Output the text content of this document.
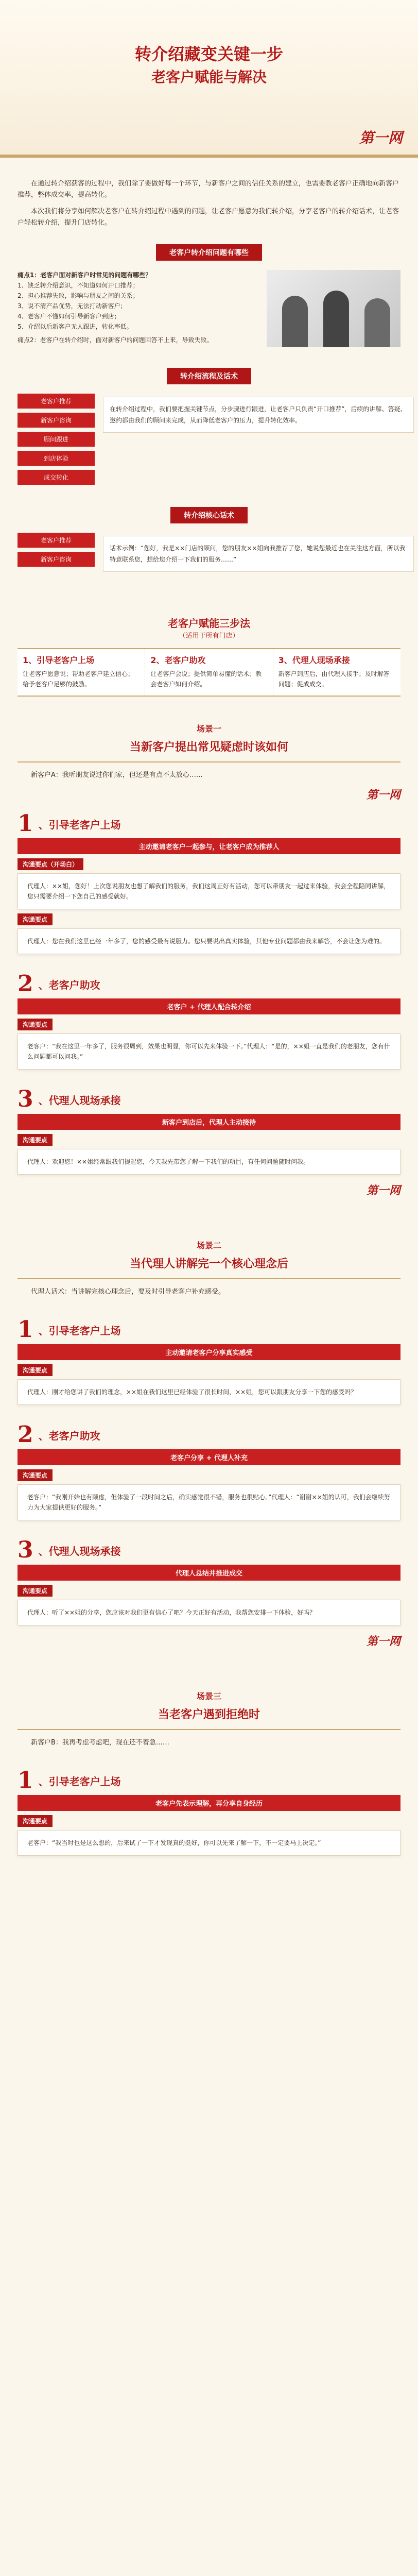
转介绍藏变关键一步
老客户赋能与解决
第一网

在通过转介绍获客的过程中，我们除了要做好每一个环节，与新客户之间的信任关系的建立，也需要教老客户正确地向新客户推荐，整体成交率，提高转化。

本次我们将分享如何解决老客户在转介绍过程中遇到的问题，让老客户愿意为我们转介绍，分享老客户的转介绍话术，让老客户轻松转介绍，提升门店转化。

老客户转介绍问题有哪些
痛点1：老客户面对新客户时常见的问题有哪些？
1、缺乏转介绍意识，不知道如何开口推荐；
2、担心推荐失败，影响与朋友之间的关系；
3、说不清产品优势，无法打动新客户；
4、老客户不懂如何引导新客户到店；
5、介绍以后新客户无人跟进，转化率低。
痛点2：老客户在转介绍时，面对新客户的问题回答不上来，导致失败。
转介绍流程及话术
老客户推荐
新客户咨询
顾问跟进
到店体验
成交转化
在转介绍过程中，我们要把握关键节点，分步骤进行跟进，让老客户只负责“开口推荐”，后续的讲解、答疑、邀约都由我们的顾问来完成，从而降低老客户的压力，提升转化效率。
转介绍核心话术
老客户推荐
新客户咨询
话术示例：“您好，我是××门店的顾问，您的朋友××姐向我推荐了您，她说您最近也在关注这方面，所以我特意联系您，想给您介绍一下我们的服务……”
老客户赋能三步法
（适用于所有门店）
1、引导老客户上场
让老客户愿意说；帮助老客户建立信心；给予老客户足够的鼓励。
2、老客户助攻
让老客户会说；提供简单易懂的话术；教会老客户如何介绍。
3、代理人现场承接
新客户到店后，由代理人接手；及时解答问题；促成成交。
场景一
当新客户提出常见疑虑时该如何

新客户A：我听朋友说过你们家，但还是有点不太放心……

第一网
1 、引导老客户上场
主动邀请老客户一起参与，让老客户成为推荐人
沟通要点（开场白）
代理人：××姐，您好！上次您说朋友也想了解我们的服务，我们这周正好有活动，您可以带朋友一起过来体验，我会全程陪同讲解，您只需要介绍一下您自己的感受就好。
沟通要点
代理人：您在我们这里已经一年多了，您的感受最有说服力。您只要说出真实体验，其他专业问题都由我来解答，不会让您为难的。
2 、老客户助攻
老客户 + 代理人配合转介绍
沟通要点
老客户：“我在这里一年多了，服务很周到，效果也明显，你可以先来体验一下。”代理人：“是的，××姐一直是我们的老朋友，您有什么问题都可以问我。”
3 、代理人现场承接
新客户到店后，代理人主动接待
沟通要点
代理人：欢迎您！××姐经常跟我们提起您，今天我先带您了解一下我们的项目，有任何问题随时问我。
第一网
场景二
当代理人讲解完一个核心理念后

代理人话术：当讲解完核心理念后，要及时引导老客户补充感受。

1 、引导老客户上场
主动邀请老客户分享真实感受
沟通要点
代理人：刚才给您讲了我们的理念，××姐在我们这里已经体验了很长时间，××姐，您可以跟朋友分享一下您的感受吗？
2 、老客户助攻
老客户分享 + 代理人补充
沟通要点
老客户：“我刚开始也有顾虑，但体验了一段时间之后，确实感觉很不错，服务也很贴心。”代理人：“谢谢××姐的认可，我们会继续努力为大家提供更好的服务。”
3 、代理人现场承接
代理人总结并推进成交
沟通要点
代理人：听了××姐的分享，您应该对我们更有信心了吧？今天正好有活动，我帮您安排一下体验，好吗？
第一网
场景三
当老客户遇到拒绝时

新客户B：我再考虑考虑吧，现在还不着急……

1 、引导老客户上场
老客户先表示理解，再分享自身经历
沟通要点
老客户：“我当时也是这么想的，后来试了一下才发现真的挺好，你可以先来了解一下，不一定要马上决定。”
